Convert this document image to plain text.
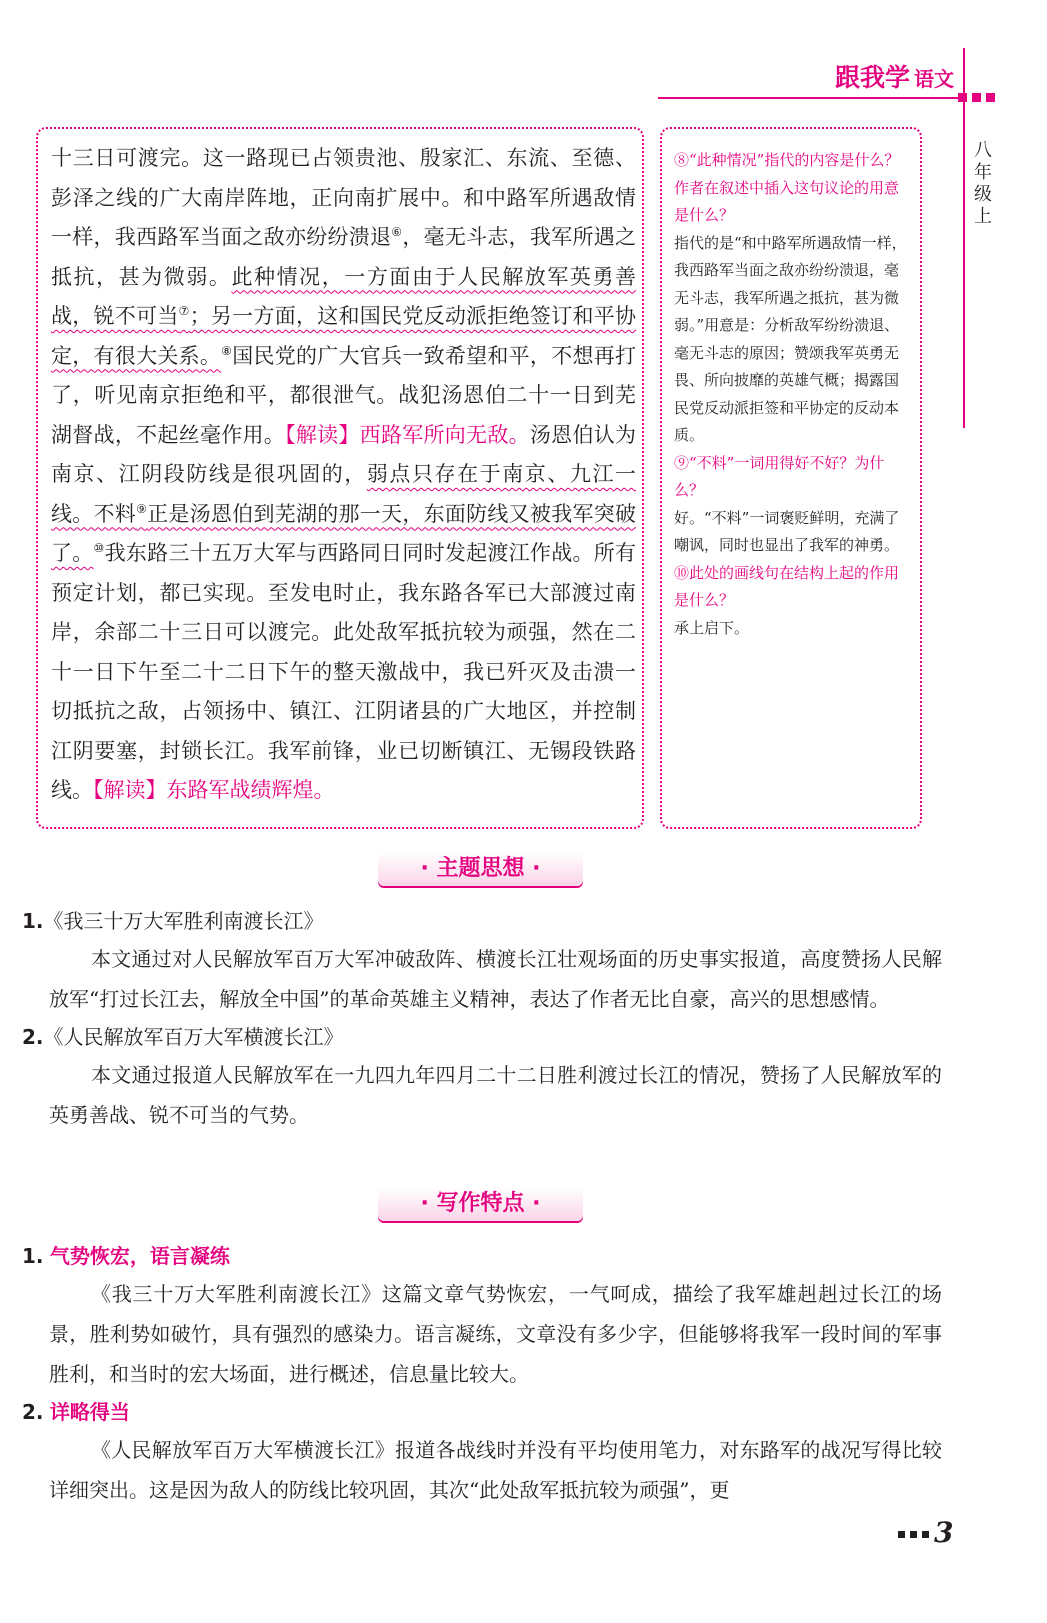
跟我学 语文
八年级上

十三日可渡完。这一路现已占领贵池、殷家汇、东流、至德、彭泽之线的广大南岸阵地，正向南扩展中。和中路军所遇敌情一样，我西路军当面之敌亦纷纷溃退⑥，毫无斗志，我军所遇之抵抗，甚为微弱。此种情况，一方面由于人民解放军英勇善战，锐不可当⑦；另一方面，这和国民党反动派拒绝签订和平协定，有很大关系。⑧国民党的广大官兵一致希望和平，不想再打了，听见南京拒绝和平，都很泄气。战犯汤恩伯二十一日到芜湖督战，不起丝毫作用。【解读】西路军所向无敌。汤恩伯认为南京、江阴段防线是很巩固的，弱点只存在于南京、九江一线。不料⑨正是汤恩伯到芜湖的那一天，东面防线又被我军突破了。⑩我东路三十五万大军与西路同日同时发起渡江作战。所有预定计划，都已实现。至发电时止，我东路各军已大部渡过南岸，余部二十三日可以渡完。此处敌军抵抗较为顽强，然在二十一日下午至二十二日下午的整天激战中，我已歼灭及击溃一切抵抗之敌，占领扬中、镇江、江阴诸县的广大地区，并控制江阴要塞，封锁长江。我军前锋，业已切断镇江、无锡段铁路线。【解读】东路军战绩辉煌。

⑧“此种情况”指代的内容是什么？作者在叙述中插入这句议论的用意是什么？

指代的是“和中路军所遇敌情一样，我西路军当面之敌亦纷纷溃退，毫无斗志，我军所遇之抵抗，甚为微弱。”用意是：分析敌军纷纷溃退、毫无斗志的原因；赞颂我军英勇无畏、所向披靡的英雄气概；揭露国民党反动派拒签和平协定的反动本质。

⑨“不料”一词用得好不好？为什么？

好。“不料”一词褒贬鲜明，充满了嘲讽，同时也显出了我军的神勇。

⑩此处的画线句在结构上起的作用是什么？

承上启下。

· 主题思想 ·

1.《我三十万大军胜利南渡长江》

本文通过对人民解放军百万大军冲破敌阵、横渡长江壮观场面的历史事实报道，高度赞扬人民解放军“打过长江去，解放全中国”的革命英雄主义精神，表达了作者无比自豪，高兴的思想感情。

2.《人民解放军百万大军横渡长江》

本文通过报道人民解放军在一九四九年四月二十二日胜利渡过长江的情况，赞扬了人民解放军的英勇善战、锐不可当的气势。

· 写作特点 ·

1. 气势恢宏，语言凝练

《我三十万大军胜利南渡长江》这篇文章气势恢宏，一气呵成，描绘了我军雄赳赳过长江的场景，胜利势如破竹，具有强烈的感染力。语言凝练，文章没有多少字，但能够将我军一段时间的军事胜利，和当时的宏大场面，进行概述，信息量比较大。

2. 详略得当

《人民解放军百万大军横渡长江》报道各战线时并没有平均使用笔力，对东路军的战况写得比较详细突出。这是因为敌人的防线比较巩固，其次“此处敌军抵抗较为顽强”，更

3
